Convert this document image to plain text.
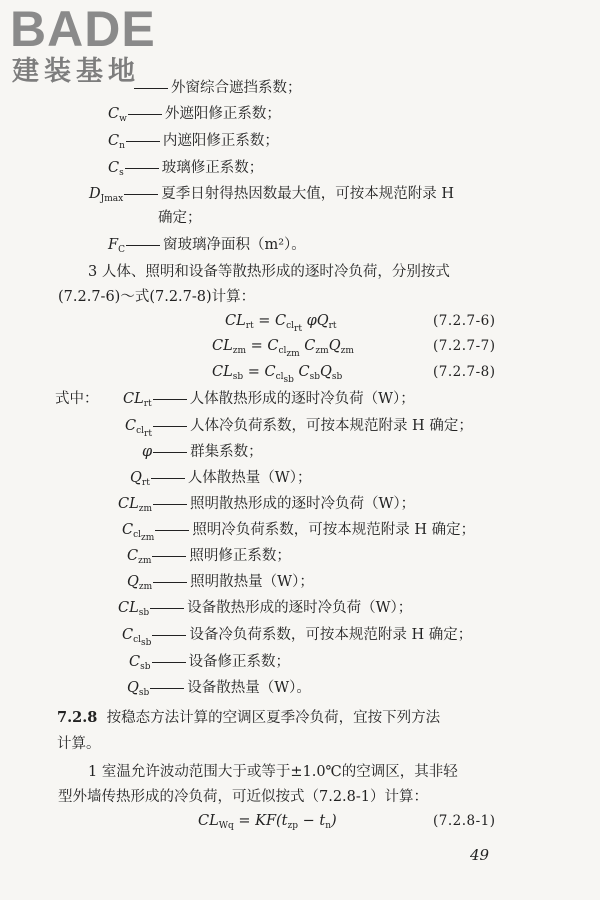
BADE
建装基地
外窗综合遮挡系数；
$C_w$	外遮阳修正系数；
$C_n$	内遮阳修正系数；
$C_s$	玻璃修正系数；
$D_{Jmax}$	夏季日射得热因数最大值，可按本规范附录 H
确定；
$F_C$	窗玻璃净面积（m²）。
3 人体、照明和设备等散热形成的逐时冷负荷，分别按式
(7.2.7-6)～式(7.2.7-8)计算：
$CL_{rt} = C_{cl_{rt}}$ $\varphi Q_{rt}$	(7.2.7-6)
$CL_{zm} = C_{cl_{zm}}$ $C_{zm}Q_{zm}$	(7.2.7-7)
$CL_{sb} = C_{cl_{sb}}$ $C_{sb}Q_{sb}$	(7.2.7-8)
式中： $CL_{rt}$	人体散热形成的逐时冷负荷（W）；
$C_{cl_{rt}}$	人体冷负荷系数，可按本规范附录 H 确定；
φ	群集系数；
$Q_{rt}$	人体散热量（W）；
$CL_{zm}$	照明散热形成的逐时冷负荷（W）；
$C_{cl_{zm}}$	照明冷负荷系数，可按本规范附录 H 确定；
$C_{zm}$	照明修正系数；
$Q_{zm}$	照明散热量（W）；
$CL_{sb}$	设备散热形成的逐时冷负荷（W）；
$C_{cl_{sb}}$	设备冷负荷系数，可按本规范附录 H 确定；
$C_{sb}$	设备修正系数；
$Q_{sb}$	设备散热量（W）。
7.2.8 按稳态方法计算的空调区夏季冷负荷，宜按下列方法
计算。
1 室温允许波动范围大于或等于±1.0℃的空调区，其非轻
型外墙传热形成的冷负荷，可近似按式（7.2.8-1）计算：
$CL_{Wq} = KF(t_{zp} - t_n)$	(7.2.8-1)
49
